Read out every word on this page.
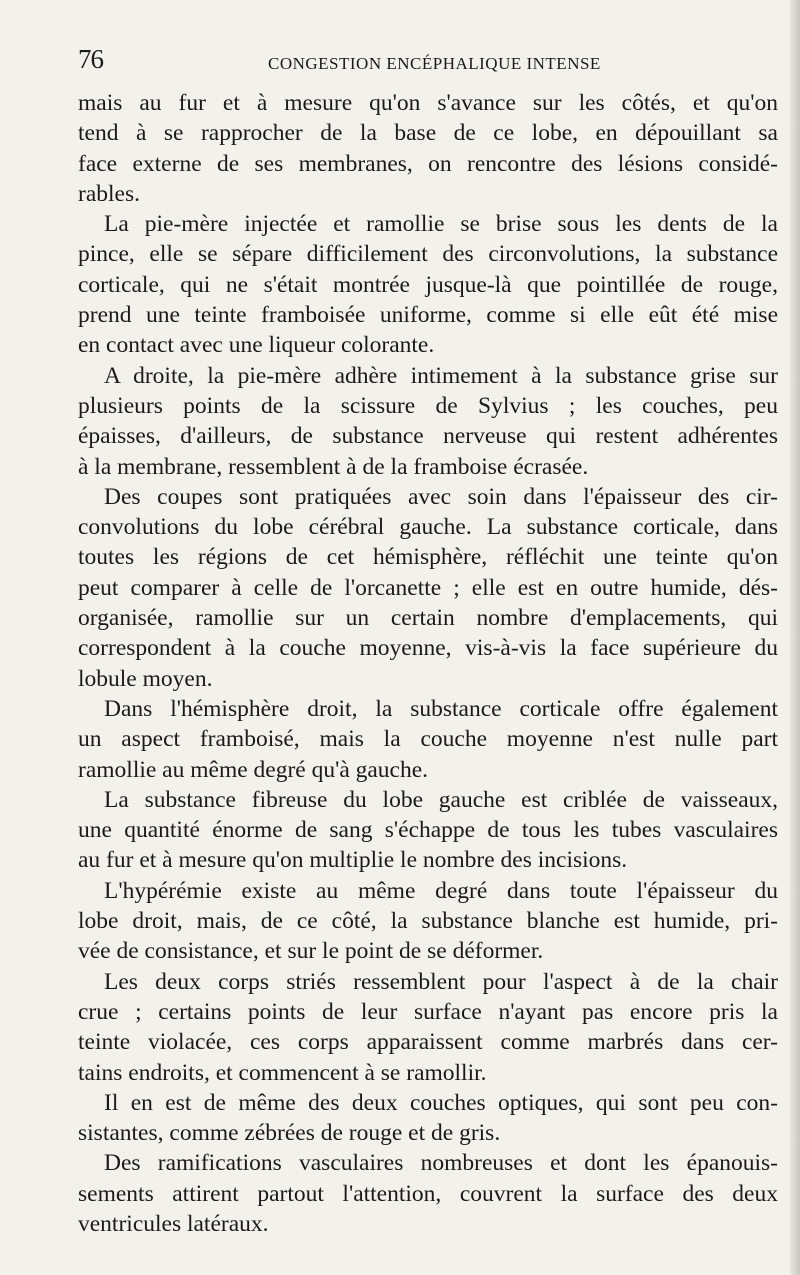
76	CONGESTION ENCÉPHALIQUE INTENSE
mais au fur et à mesure qu'on s'avance sur les côtés, et qu'on
tend à se rapprocher de la base de ce lobe, en dépouillant sa
face externe de ses membranes, on rencontre des lésions considé-
rables.
La pie-mère injectée et ramollie se brise sous les dents de la
pince, elle se sépare difficilement des circonvolutions, la substance
corticale, qui ne s'était montrée jusque-là que pointillée de rouge,
prend une teinte framboisée uniforme, comme si elle eût été mise
en contact avec une liqueur colorante.
A droite, la pie-mère adhère intimement à la substance grise sur
plusieurs points de la scissure de Sylvius ; les couches, peu
épaisses, d'ailleurs, de substance nerveuse qui restent adhérentes
à la membrane, ressemblent à de la framboise écrasée.
Des coupes sont pratiquées avec soin dans l'épaisseur des cir-
convolutions du lobe cérébral gauche. La substance corticale, dans
toutes les régions de cet hémisphère, réfléchit une teinte qu'on
peut comparer à celle de l'orcanette ; elle est en outre humide, dés-
organisée, ramollie sur un certain nombre d'emplacements, qui
correspondent à la couche moyenne, vis-à-vis la face supérieure du
lobule moyen.
Dans l'hémisphère droit, la substance corticale offre également
un aspect framboisé, mais la couche moyenne n'est nulle part
ramollie au même degré qu'à gauche.
La substance fibreuse du lobe gauche est criblée de vaisseaux,
une quantité énorme de sang s'échappe de tous les tubes vasculaires
au fur et à mesure qu'on multiplie le nombre des incisions.
L'hypérémie existe au même degré dans toute l'épaisseur du
lobe droit, mais, de ce côté, la substance blanche est humide, pri-
vée de consistance, et sur le point de se déformer.
Les deux corps striés ressemblent pour l'aspect à de la chair
crue ; certains points de leur surface n'ayant pas encore pris la
teinte violacée, ces corps apparaissent comme marbrés dans cer-
tains endroits, et commencent à se ramollir.
Il en est de même des deux couches optiques, qui sont peu con-
sistantes, comme zébrées de rouge et de gris.
Des ramifications vasculaires nombreuses et dont les épanouis-
sements attirent partout l'attention, couvrent la surface des deux
ventricules latéraux.
